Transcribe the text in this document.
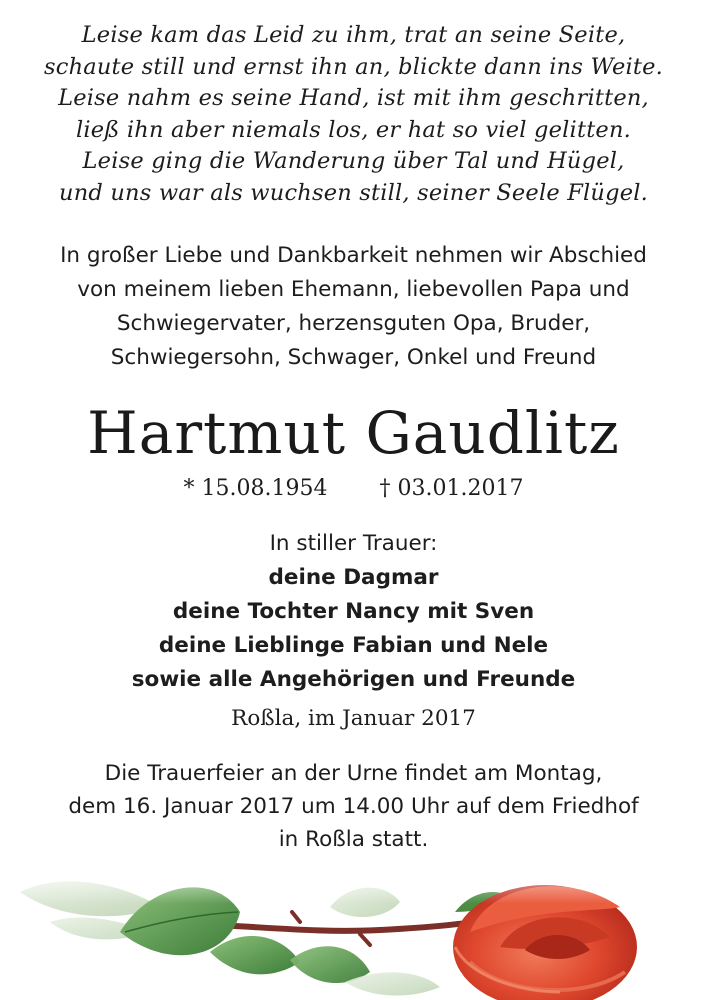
Leise kam das Leid zu ihm, trat an seine Seite,
schaute still und ernst ihn an, blickte dann ins Weite.
Leise nahm es seine Hand, ist mit ihm geschritten,
ließ ihn aber niemals los, er hat so viel gelitten.
Leise ging die Wanderung über Tal und Hügel,
und uns war als wuchsen still, seiner Seele Flügel.
In großer Liebe und Dankbarkeit nehmen wir Abschied
von meinem lieben Ehemann, liebevollen Papa und
Schwiegervater, herzensguten Opa, Bruder,
Schwiegersohn, Schwager, Onkel und Freund
Hartmut Gaudlitz
* 15.08.1954 † 03.01.2017
In stiller Trauer:
deine Dagmar
deine Tochter Nancy mit Sven
deine Lieblinge Fabian und Nele
sowie alle Angehörigen und Freunde
Roßla, im Januar 2017
Die Trauerfeier an der Urne findet am Montag,
dem 16. Januar 2017 um 14.00 Uhr auf dem Friedhof
in Roßla statt.
